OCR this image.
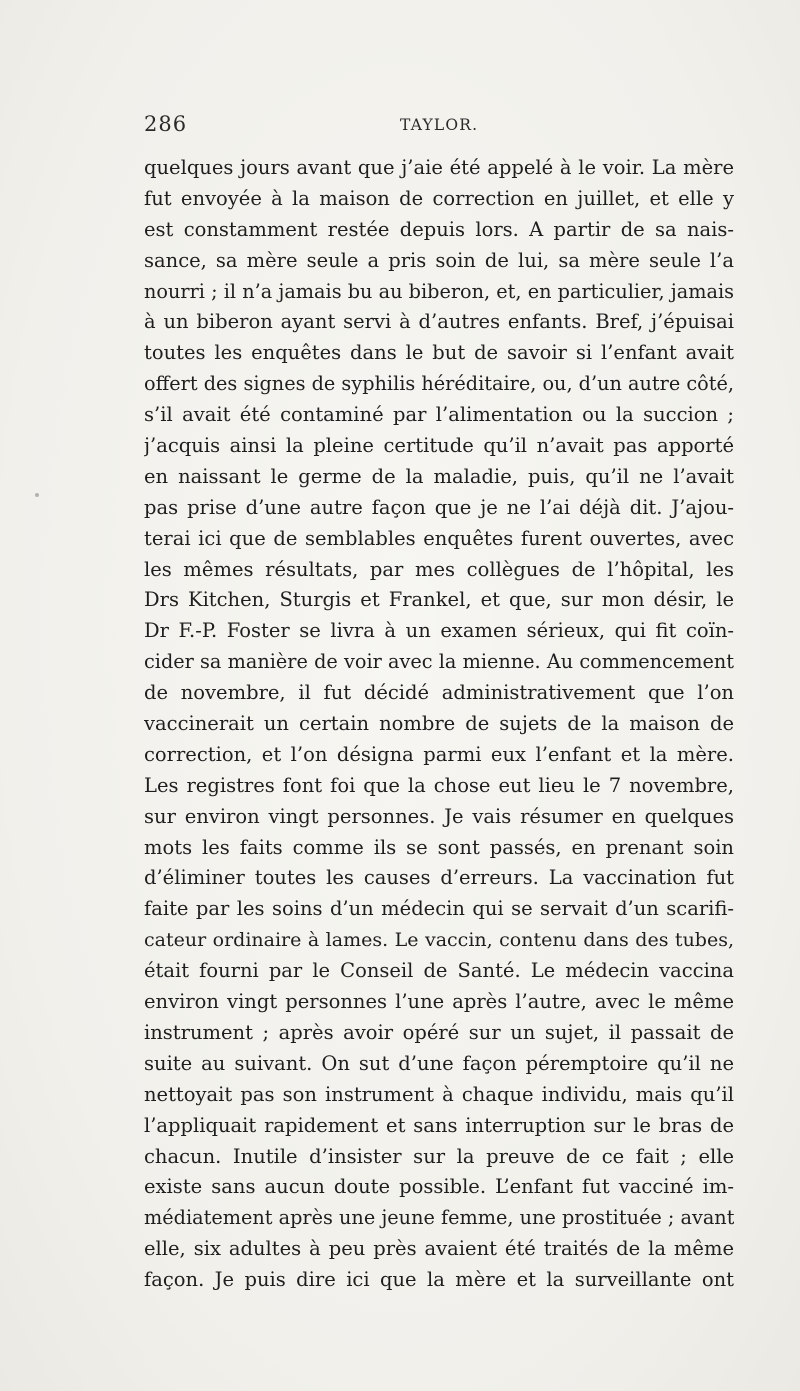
286	TAYLOR.
quelques jours avant que j’aie été appelé à le voir. La mère
fut envoyée à la maison de correction en juillet, et elle y
est constamment restée depuis lors. A partir de sa nais-
sance, sa mère seule a pris soin de lui, sa mère seule l’a
nourri ; il n’a jamais bu au biberon, et, en particulier, jamais
à un biberon ayant servi à d’autres enfants. Bref, j’épuisai
toutes les enquêtes dans le but de savoir si l’enfant avait
offert des signes de syphilis héréditaire, ou, d’un autre côté,
s’il avait été contaminé par l’alimentation ou la succion ;
j’acquis ainsi la pleine certitude qu’il n’avait pas apporté
en naissant le germe de la maladie, puis, qu’il ne l’avait
pas prise d’une autre façon que je ne l’ai déjà dit. J’ajou-
terai ici que de semblables enquêtes furent ouvertes, avec
les mêmes résultats, par mes collègues de l’hôpital, les
Drs Kitchen, Sturgis et Frankel, et que, sur mon désir, le
Dr F.-P. Foster se livra à un examen sérieux, qui fit coïn-
cider sa manière de voir avec la mienne. Au commencement
de novembre, il fut décidé administrativement que l’on
vaccinerait un certain nombre de sujets de la maison de
correction, et l’on désigna parmi eux l’enfant et la mère.
Les registres font foi que la chose eut lieu le 7 novembre,
sur environ vingt personnes. Je vais résumer en quelques
mots les faits comme ils se sont passés, en prenant soin
d’éliminer toutes les causes d’erreurs. La vaccination fut
faite par les soins d’un médecin qui se servait d’un scarifi-
cateur ordinaire à lames. Le vaccin, contenu dans des tubes,
était fourni par le Conseil de Santé. Le médecin vaccina
environ vingt personnes l’une après l’autre, avec le même
instrument ; après avoir opéré sur un sujet, il passait de
suite au suivant. On sut d’une façon péremptoire qu’il ne
nettoyait pas son instrument à chaque individu, mais qu’il
l’appliquait rapidement et sans interruption sur le bras de
chacun. Inutile d’insister sur la preuve de ce fait ; elle
existe sans aucun doute possible. L’enfant fut vacciné im-
médiatement après une jeune femme, une prostituée ; avant
elle, six adultes à peu près avaient été traités de la même
façon. Je puis dire ici que la mère et la surveillante ont
